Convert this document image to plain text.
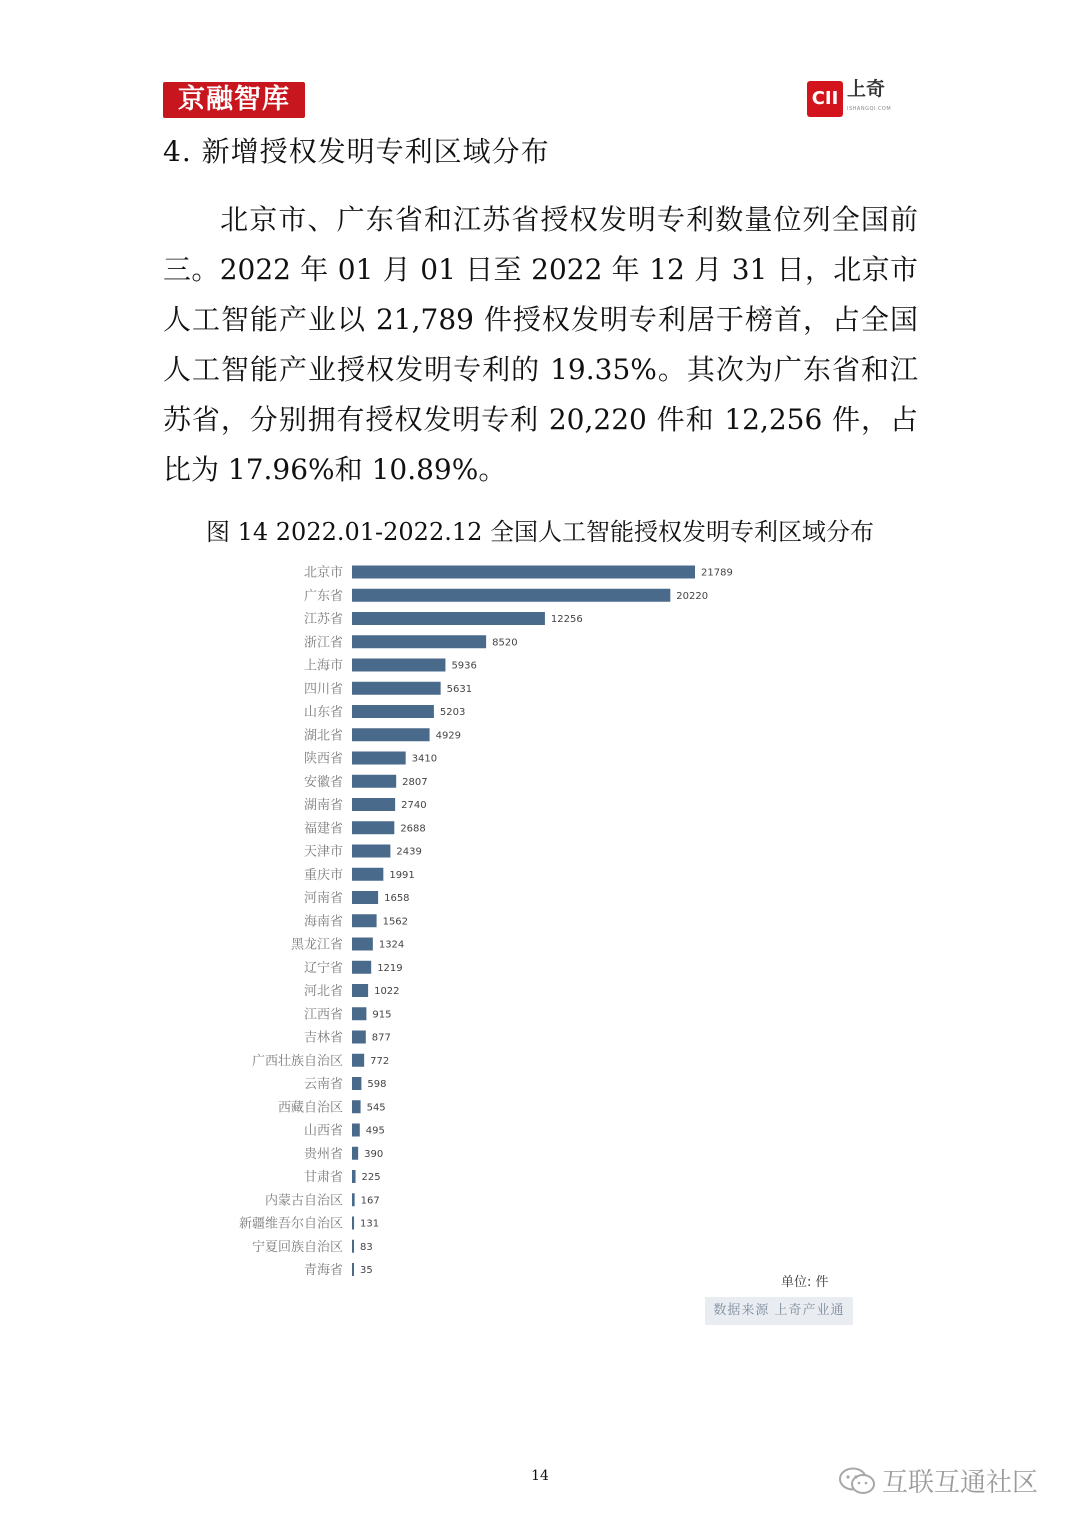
京融智库	CII 上奇
ISHANGQI.COM
4. 新增授权发明专利区域分布

北京市、广东省和江苏省授权发明专利数量位列全国前三。2022 年 01 月 01 日至 2022 年 12 月 31 日，北京市人工智能产业以 21,789 件授权发明专利居于榜首，占全国人工智能产业授权发明专利的 19.35%。其次为广东省和江苏省，分别拥有授权发明专利 20,220 件和 12,256 件，占比为 17.96%和 10.89%。

图 14 2022.01-2022.12 全国人工智能授权发明专利区域分布
北京市	21789
广东省	20220
江苏省	12256
浙江省	8520
上海市	5936
四川省	5631
山东省	5203
湖北省	4929
陕西省	3410
安徽省	2807
湖南省	2740
福建省	2688
天津市	2439
重庆市	1991
河南省	1658
海南省	1562
黑龙江省	1324
辽宁省	1219
河北省	1022
江西省	915
吉林省	877
广西壮族自治区	772
云南省 598
西藏自治区 545
山西省 495
贵州省 390
甘肃省 225
内蒙古自治区 167
新疆维吾尔自治区 131
宁夏回族自治区 83
青海省 35
单位: 件
数据来源 上奇产业通
14	互联互通社区
